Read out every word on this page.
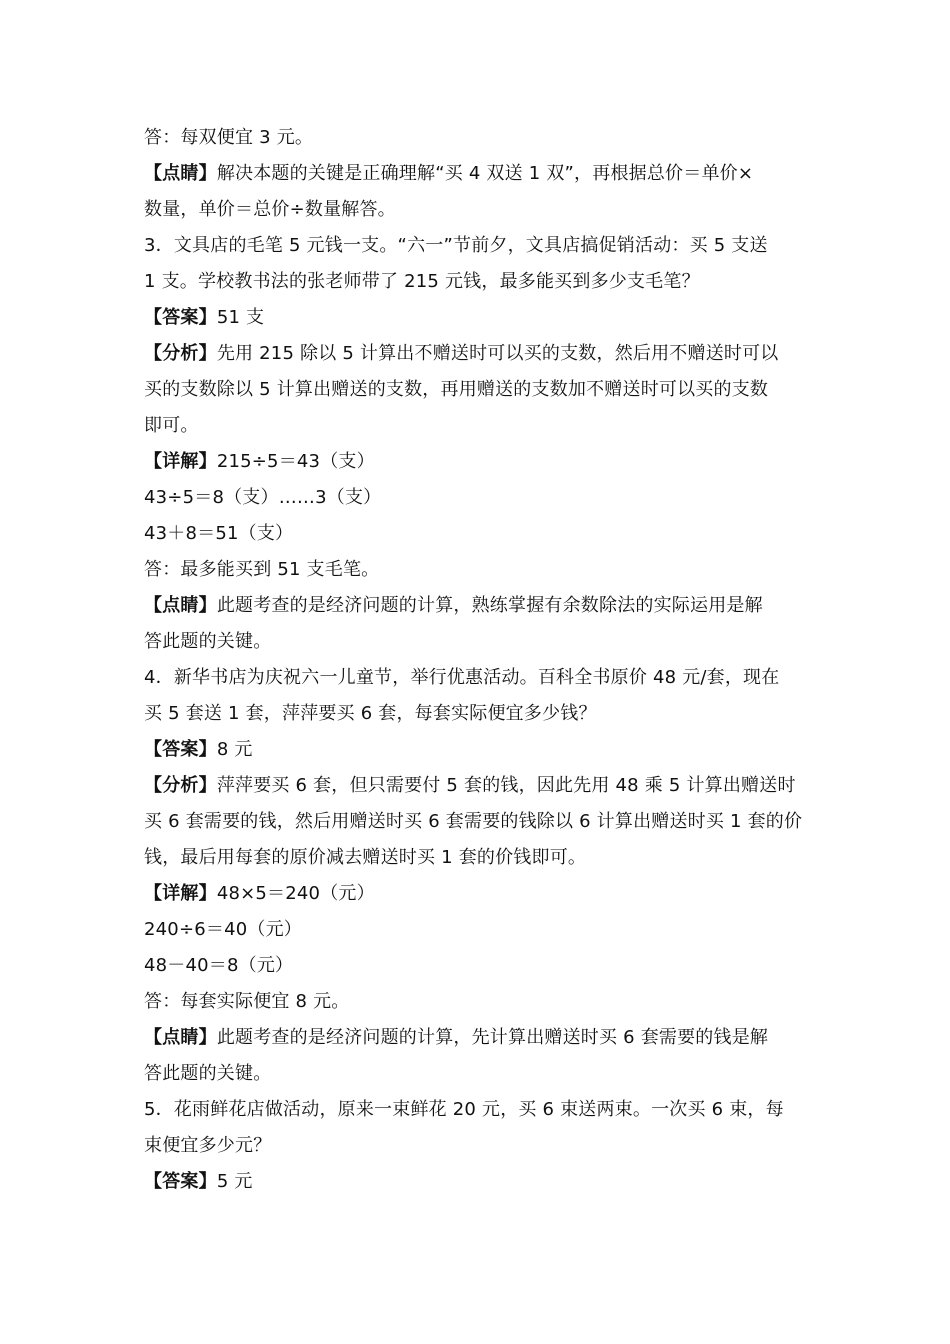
答：每双便宜 3 元。
【点睛】解决本题的关键是正确理解“买 4 双送 1 双”，再根据总价＝单价×
数量，单价＝总价÷数量解答。
3．文具店的毛笔 5 元钱一支。“六一”节前夕，文具店搞促销活动：买 5 支送
1 支。学校教书法的张老师带了 215 元钱，最多能买到多少支毛笔？
【答案】51 支
【分析】先用 215 除以 5 计算出不赠送时可以买的支数，然后用不赠送时可以
买的支数除以 5 计算出赠送的支数，再用赠送的支数加不赠送时可以买的支数
即可。
【详解】215÷5＝43（支）
43÷5＝8（支）……3（支）
43＋8＝51（支）
答：最多能买到 51 支毛笔。
【点睛】此题考查的是经济问题的计算，熟练掌握有余数除法的实际运用是解
答此题的关键。
4．新华书店为庆祝六一儿童节，举行优惠活动。百科全书原价 48 元/套，现在
买 5 套送 1 套，萍萍要买 6 套，每套实际便宜多少钱？
【答案】8 元
【分析】萍萍要买 6 套，但只需要付 5 套的钱，因此先用 48 乘 5 计算出赠送时
买 6 套需要的钱，然后用赠送时买 6 套需要的钱除以 6 计算出赠送时买 1 套的价
钱，最后用每套的原价减去赠送时买 1 套的价钱即可。
【详解】48×5＝240（元）
240÷6＝40（元）
48－40＝8（元）
答：每套实际便宜 8 元。
【点睛】此题考查的是经济问题的计算，先计算出赠送时买 6 套需要的钱是解
答此题的关键。
5．花雨鲜花店做活动，原来一束鲜花 20 元，买 6 束送两束。一次买 6 束，每
束便宜多少元？
【答案】5 元
